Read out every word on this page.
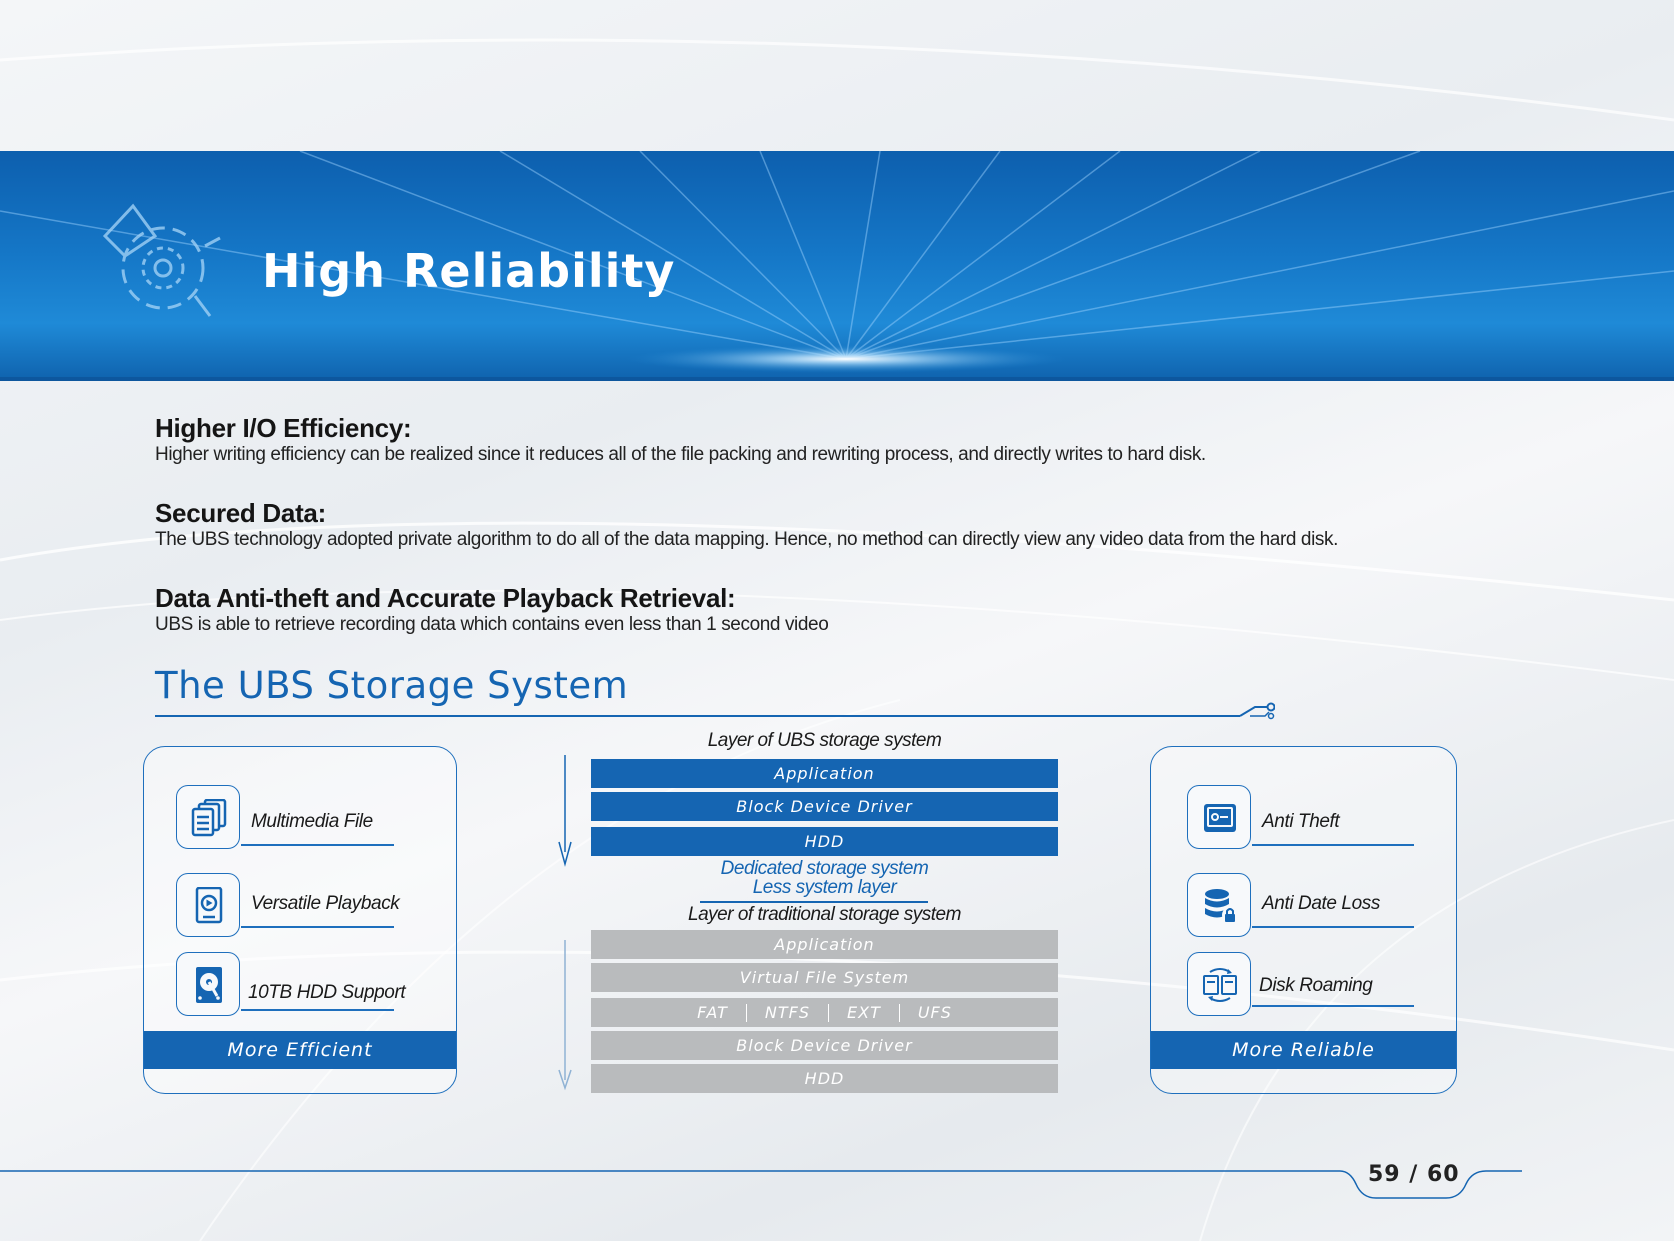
High Reliability
Higher I/O Efficiency:

Higher writing efficiency can be realized since it reduces all of the file packing and rewriting process, and directly writes to hard disk.

Secured Data:

The UBS technology adopted private algorithm to do all of the data mapping. Hence, no method can directly view any video data from the hard disk.

Data Anti-theft and Accurate Playback Retrieval:

UBS is able to retrieve recording data which contains even less than 1 second video

The UBS Storage System
Multimedia File
Versatile Playback
10TB HDD Support
More Efficient
Anti Theft
Anti Date Loss
Disk Roaming
More Reliable
Layer of UBS storage system
Application
Block Device Driver
HDD
Dedicated storage system
Less system layer
Layer of traditional storage system
Application
Virtual File System
FAT	NTFS	EXT	UFS
Block Device Driver
HDD
59 / 60
